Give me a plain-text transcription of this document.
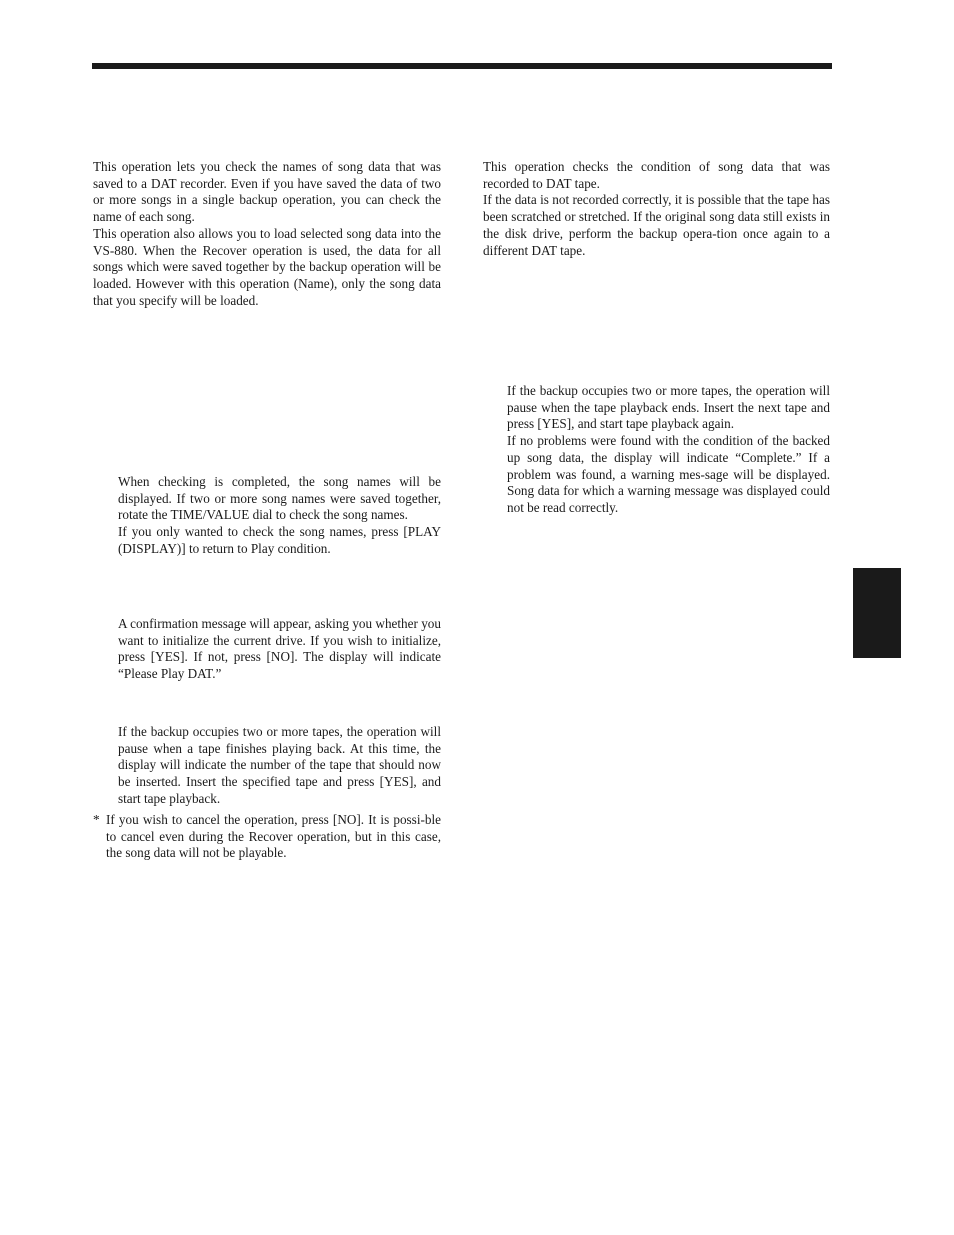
This operation lets you check the names of song data that was saved to a DAT recorder. Even if you have saved the data of two or more songs in a single backup operation, you can check the name of each song.

This operation also allows you to load selected song data into the VS-880. When the Recover operation is used, the data for all songs which were saved together by the backup operation will be loaded. However with this operation (Name), only the song data that you specify will be loaded.

When checking is completed, the song names will be displayed. If two or more song names were saved together, rotate the TIME/VALUE dial to check the song names.

If you only wanted to check the song names, press [PLAY (DISPLAY)] to return to Play condition.

A confirmation message will appear, asking you whether you want to initialize the current drive. If you wish to initialize, press [YES]. If not, press [NO]. The display will indicate “Please Play DAT.”

If the backup occupies two or more tapes, the operation will pause when a tape finishes playing back. At this time, the display will indicate the number of the tape that should now be inserted. Insert the specified tape and press [YES], and start tape playback.

* If you wish to cancel the operation, press [NO]. It is possi-ble to cancel even during the Recover operation, but in this case, the song data will not be playable.

This operation checks the condition of song data that was recorded to DAT tape.

If the data is not recorded correctly, it is possible that the tape has been scratched or stretched. If the original song data still exists in the disk drive, perform the backup opera-tion once again to a different DAT tape.

If the backup occupies two or more tapes, the operation will pause when the tape playback ends. Insert the next tape and press [YES], and start tape playback again.

If no problems were found with the condition of the backed up song data, the display will indicate “Complete.” If a problem was found, a warning mes-sage will be displayed. Song data for which a warning message was displayed could not be read correctly.
